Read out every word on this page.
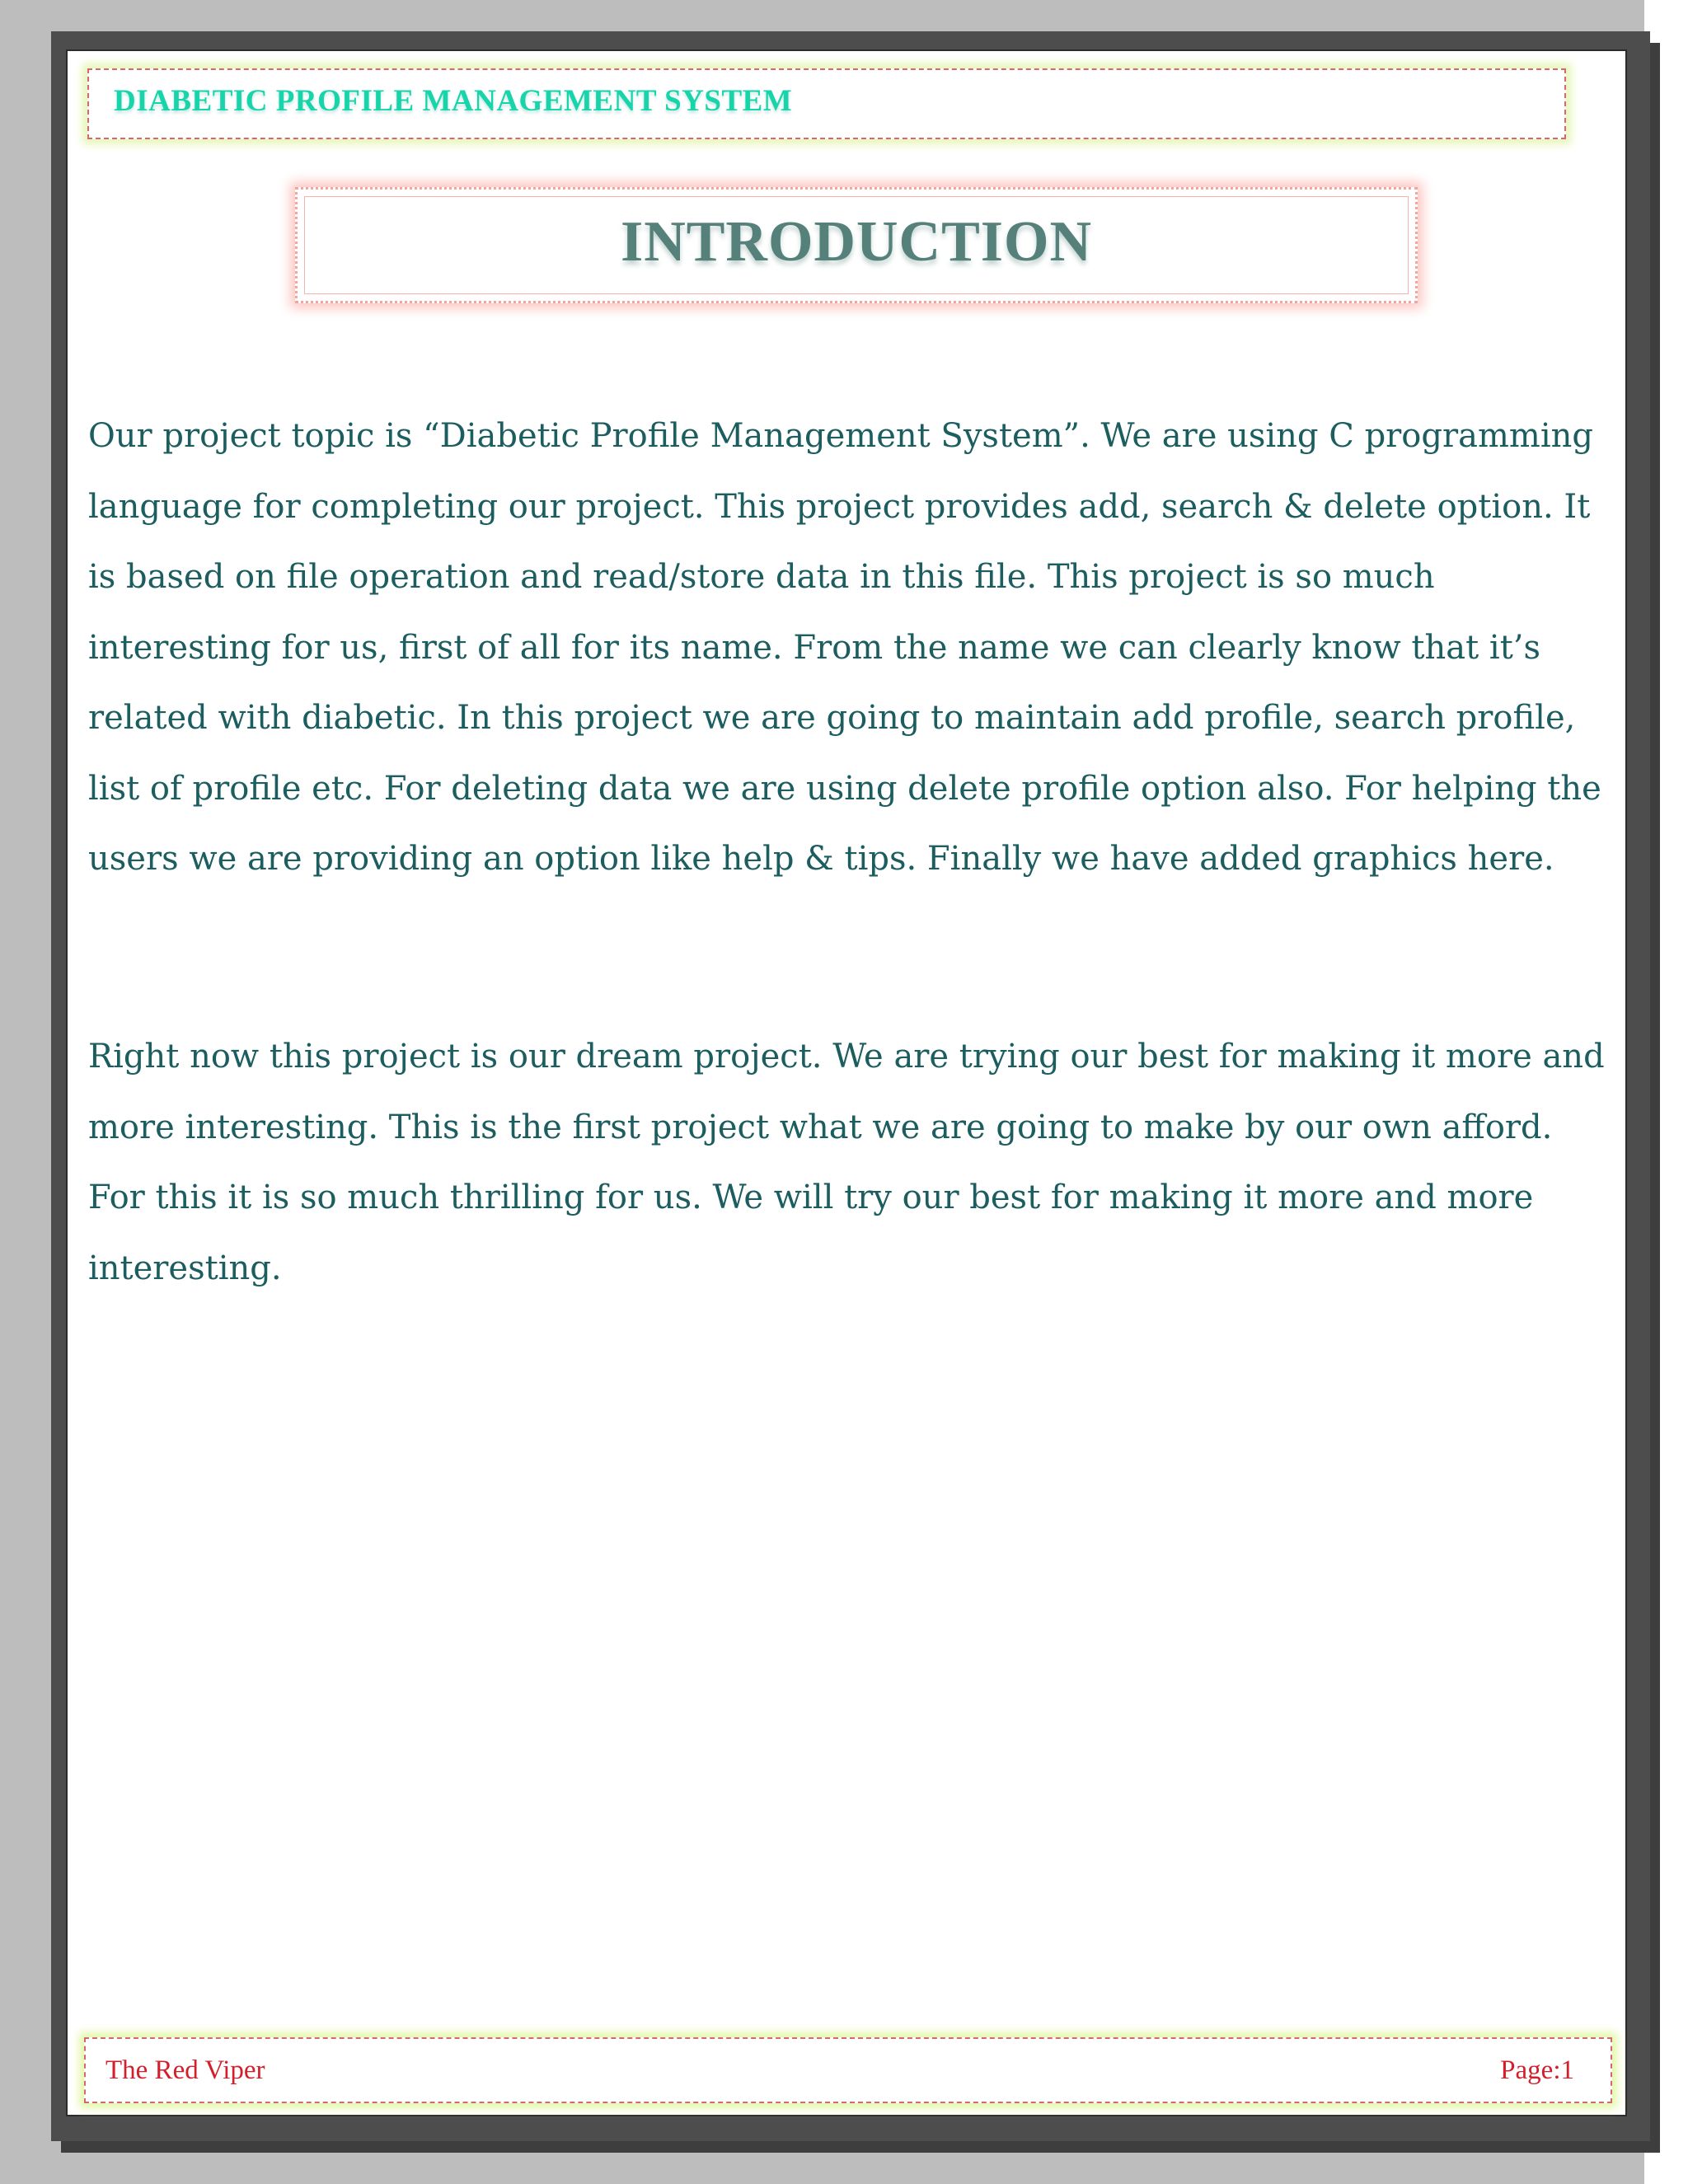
DIABETIC PROFILE MANAGEMENT SYSTEM
INTRODUCTION

Our project topic is “Diabetic Profile Management System”. We are using C programming language for completing our project. This project provides add, search & delete option. It is based on file operation and read/store data in this file. This project is so much interesting for us, first of all for its name. From the name we can clearly know that it’s related with diabetic. In this project we are going to maintain add profile, search profile, list of profile etc. For deleting data we are using delete profile option also. For helping the users we are providing an option like help & tips. Finally we have added graphics here.

Right now this project is our dream project. We are trying our best for making it more and more interesting. This is the first project what we are going to make by our own afford. For this it is so much thrilling for us. We will try our best for making it more and more interesting.

The Red Viper	Page:1
